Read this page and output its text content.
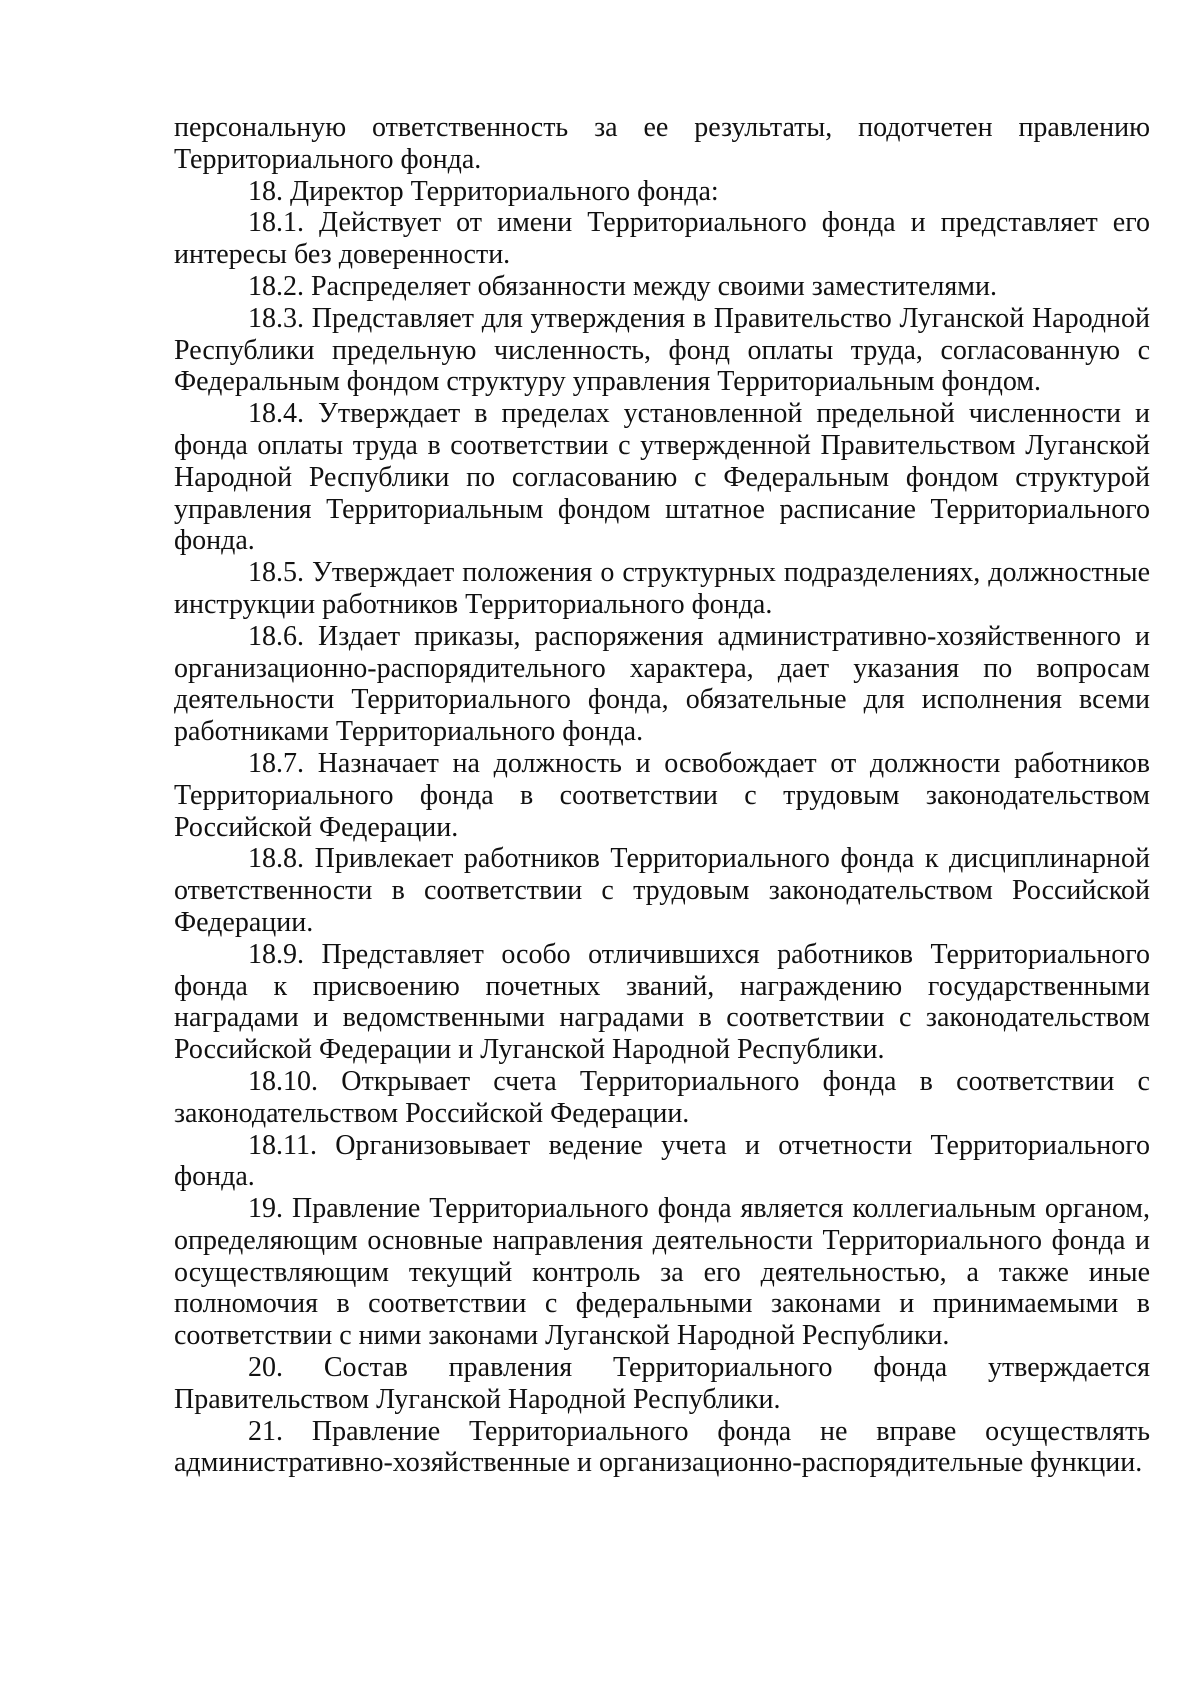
персональную ответственность за ее результаты, подотчетен правлению Территориального фонда.

18. Директор Территориального фонда:

18.1. Действует от имени Территориального фонда и представляет его интересы без доверенности.

18.2. Распределяет обязанности между своими заместителями.

18.3. Представляет для утверждения в Правительство Луганской Народной Республики предельную численность, фонд оплаты труда, согласованную с Федеральным фондом структуру управления Территориальным фондом.

18.4. Утверждает в пределах установленной предельной численности и фонда оплаты труда в соответствии с утвержденной Правительством Луганской Народной Республики по согласованию с Федеральным фондом структурой управления Территориальным фондом штатное расписание Территориального фонда.

18.5. Утверждает положения о структурных подразделениях, должностные инструкции работников Территориального фонда.

18.6. Издает приказы, распоряжения административно-хозяйственного и организационно-распорядительного характера, дает указания по вопросам деятельности Территориального фонда, обязательные для исполнения всеми работниками Территориального фонда.

18.7. Назначает на должность и освобождает от должности работников Территориального фонда в соответствии с трудовым законодательством Российской Федерации.

18.8. Привлекает работников Территориального фонда к дисциплинарной ответственности в соответствии с трудовым законодательством Российской Федерации.

18.9. Представляет особо отличившихся работников Территориального фонда к присвоению почетных званий, награждению государственными наградами и ведомственными наградами в соответствии с законодательством Российской Федерации и Луганской Народной Республики.

18.10. Открывает счета Территориального фонда в соответствии с законодательством Российской Федерации.

18.11. Организовывает ведение учета и отчетности Территориального фонда.

19. Правление Территориального фонда является коллегиальным органом, определяющим основные направления деятельности Территориального фонда и осуществляющим текущий контроль за его деятельностью, а также иные полномочия в соответствии с федеральными законами и принимаемыми в соответствии с ними законами Луганской Народной Республики.

20. Состав правления Территориального фонда утверждается Правительством Луганской Народной Республики.

21. Правление Территориального фонда не вправе осуществлять административно-хозяйственные и организационно-распорядительные функции.
